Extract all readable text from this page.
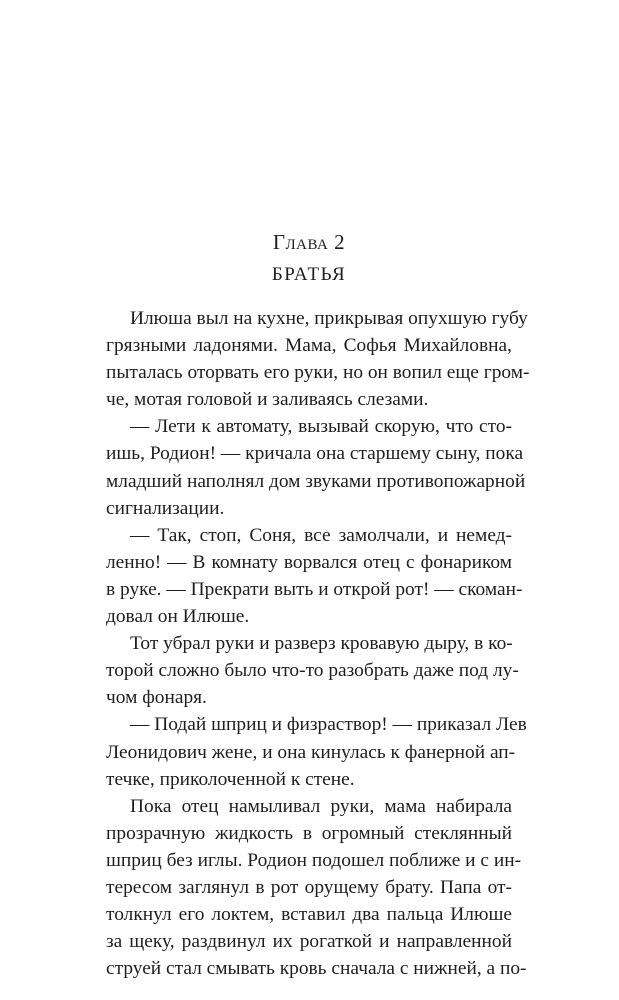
Глава 2
БРАТЬЯ
Илюша выл на кухне, прикрывая опухшую губу
грязными ладонями. Мама, Софья Михайловна,
пыталась оторвать его руки, но он вопил еще гром-
че, мотая головой и заливаясь слезами.
— Лети к автомату, вызывай скорую, что сто-
ишь, Родион! — кричала она старшему сыну, пока
младший наполнял дом звуками противопожарной
сигнализации.
— Так, стоп, Соня, все замолчали, и немед-
ленно! — В комнату ворвался отец с фонариком
в руке. — Прекрати выть и открой рот! — скоман-
довал он Илюше.
Тот убрал руки и разверз кровавую дыру, в ко-
торой сложно было что-то разобрать даже под лу-
чом фонаря.
— Подай шприц и физраствор! — приказал Лев
Леонидович жене, и она кинулась к фанерной ап-
течке, приколоченной к стене.
Пока отец намыливал руки, мама набирала
прозрачную жидкость в огромный стеклянный
шприц без иглы. Родион подошел поближе и с ин-
тересом заглянул в рот орущему брату. Папа от-
толкнул его локтем, вставил два пальца Илюше
за щеку, раздвинул их рогаткой и направленной
струей стал смывать кровь сначала с нижней, а по-
